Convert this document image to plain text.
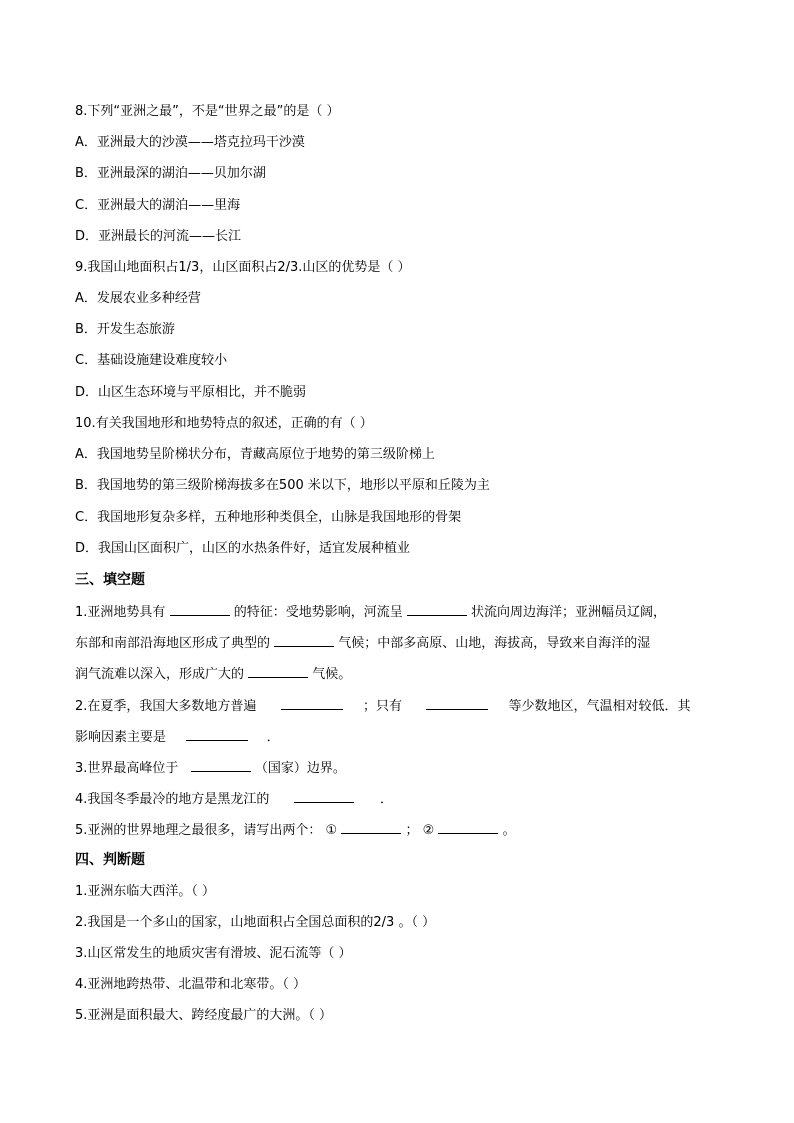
8.下列“亚洲之最”，不是“世界之最”的是（ ）
A．亚洲最大的沙漠——塔克拉玛干沙漠
B．亚洲最深的湖泊——贝加尔湖
C．亚洲最大的湖泊——里海
D．亚洲最长的河流——长江
9.我国山地面积占1/3，山区面积占2/3.山区的优势是（ ）
A．发展农业多种经营
B．开发生态旅游
C．基础设施建设难度较小
D．山区生态环境与平原相比，并不脆弱
10.有关我国地形和地势特点的叙述，正确的有（ ）
A．我国地势呈阶梯状分布，青藏高原位于地势的第三级阶梯上
B．我国地势的第三级阶梯海拔多在500 米以下，地形以平原和丘陵为主
C．我国地形复杂多样，五种地形种类俱全，山脉是我国地形的骨架
D．我国山区面积广，山区的水热条件好，适宜发展种植业
三、填空题
1.亚洲地势具有	的特征：受地势影响，河流呈	状流向周边海洋；亚洲幅员辽阔，
东部和南部沿海地区形成了典型的	气候；中部多高原、山地，海拔高，导致来自海洋的湿
润气流难以深入，形成广大的	气候。
2.在夏季，我国大多数地方普遍	；只有	等少数地区，气温相对较低．其
影响因素主要是	．
3.世界最高峰位于	（国家）边界。
4.我国冬季最冷的地方是黑龙江的	．
5.亚洲的世界地理之最很多，请写出两个： ①	； ②	。
四、判断题
1.亚洲东临大西洋。（ ）
2.我国是一个多山的国家，山地面积占全国总面积的2/3 。（ ）
3.山区常发生的地质灾害有滑坡、泥石流等（ ）
4.亚洲地跨热带、北温带和北寒带。（ ）
5.亚洲是面积最大、跨经度最广的大洲。（ ）
